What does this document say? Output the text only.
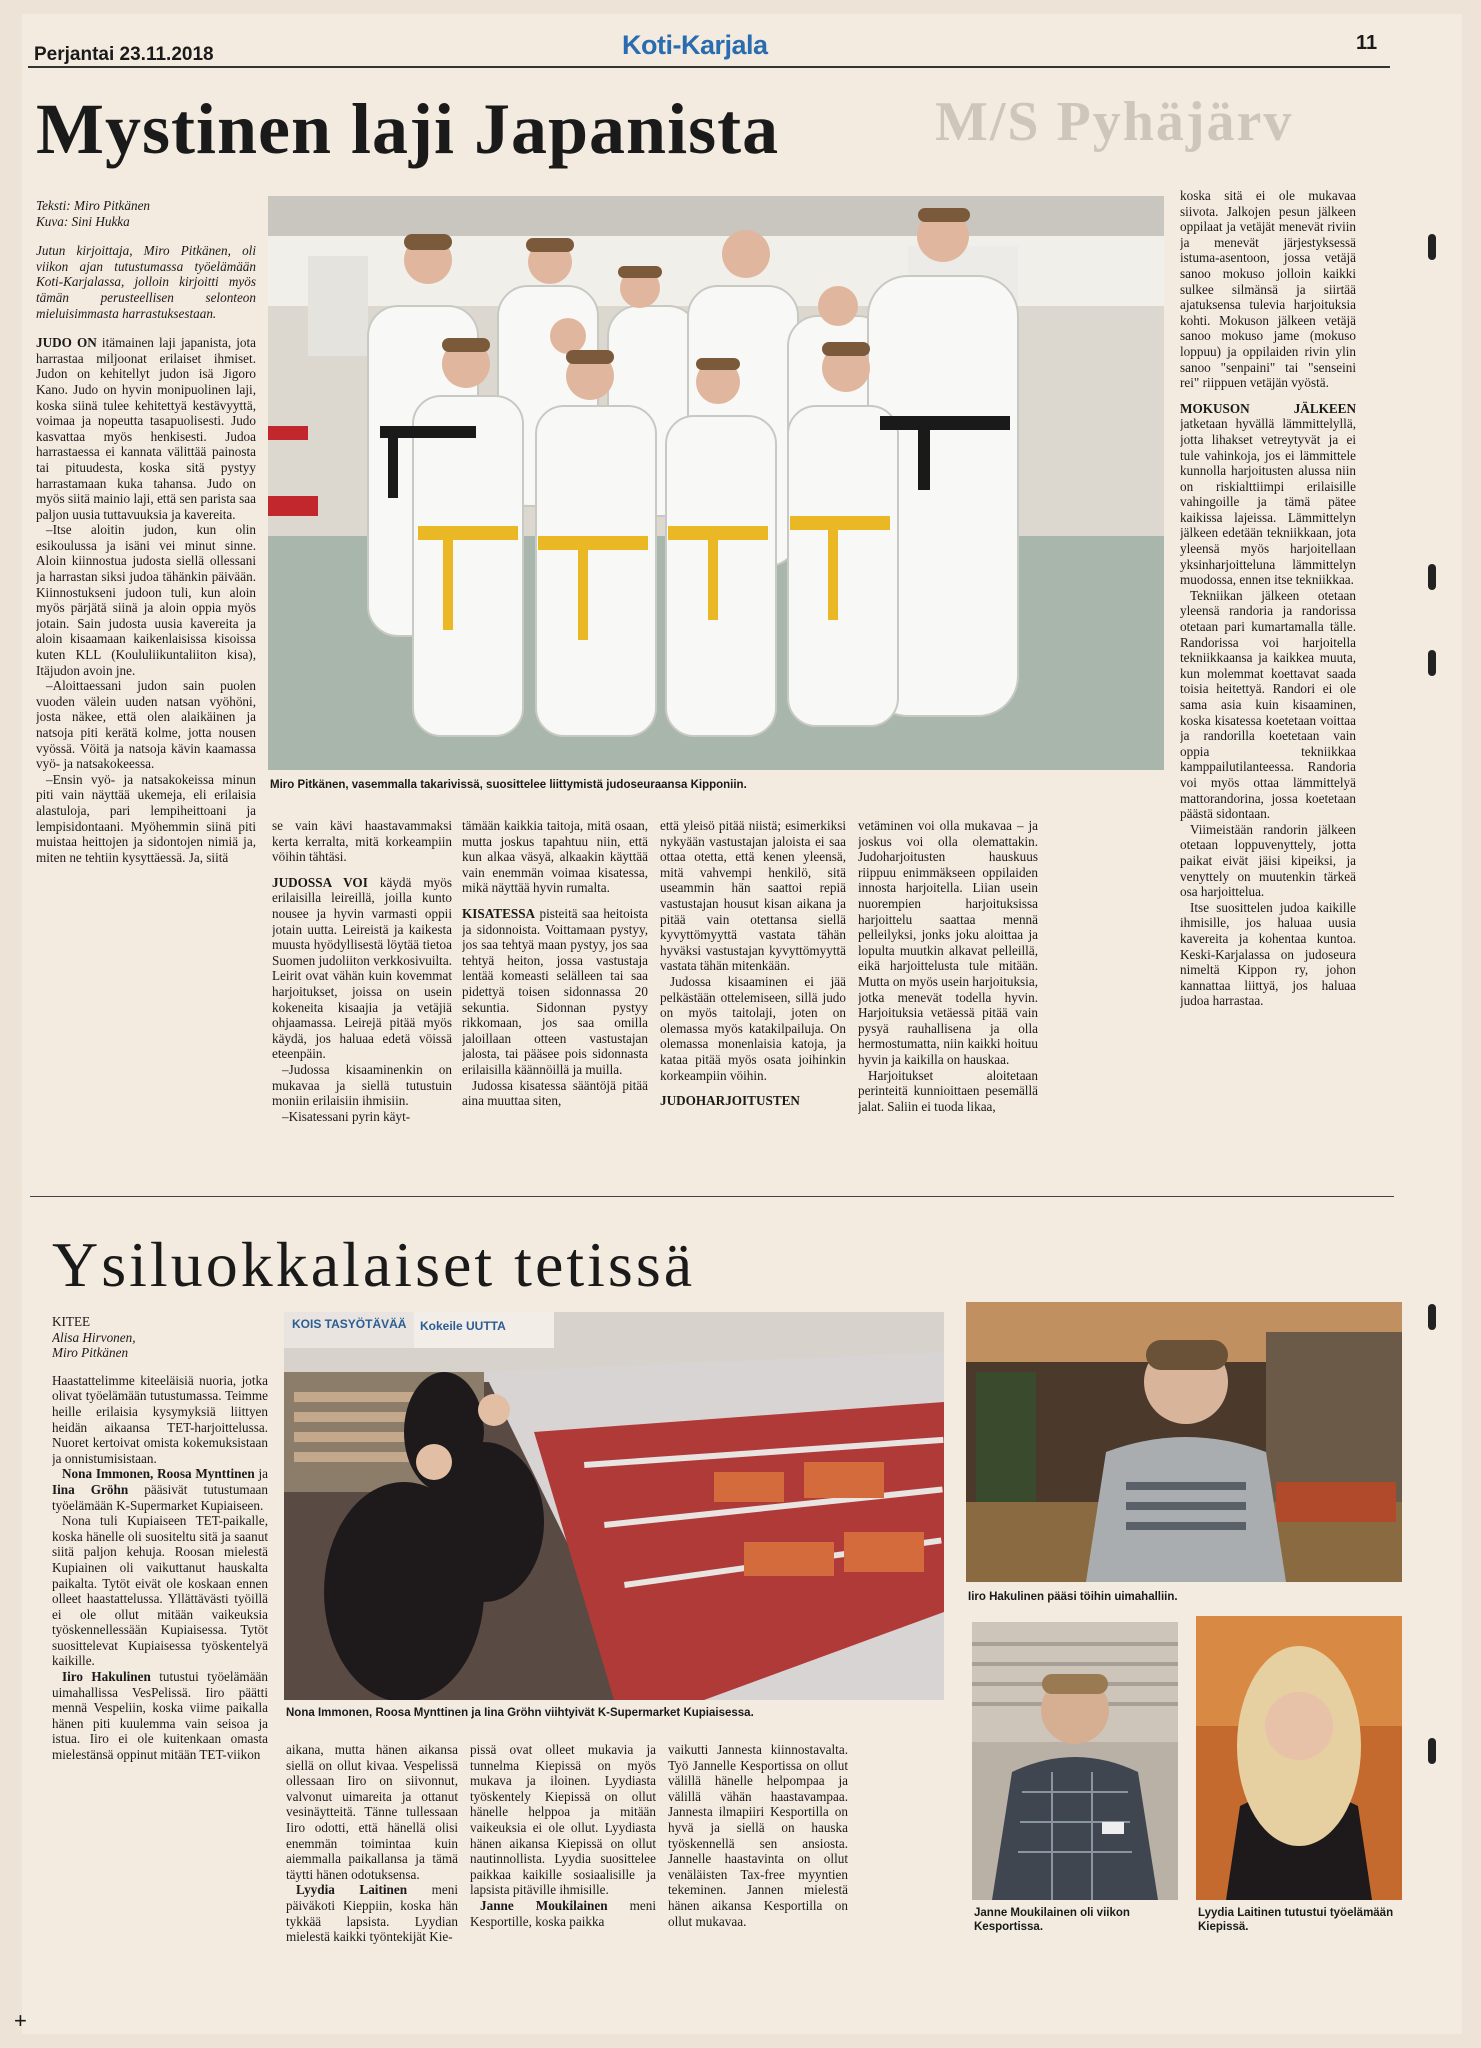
Perjantai 23.11.2018	Koti-Karjala	11
M/S Pyhäjärv
Mystinen laji Japanista
Teksti: Miro Pitkänen
Kuva: Sini Hukka

Jutun kirjoittaja, Miro Pitkänen, oli viikon ajan tutustumassa työelämään Koti-Karjalassa, jolloin kirjoitti myös tämän perusteellisen selonteon mieluisimmasta harrastuksestaan.

JUDO ON itämainen laji japanista, jota harrastaa miljoonat erilaiset ihmiset. Judon on kehitellyt judon isä Jigoro Kano. Judo on hyvin monipuolinen laji, koska siinä tulee kehitettyä kestävyyttä, voimaa ja nopeutta tasapuolisesti. Judo kasvattaa myös henkisesti. Judoa harrastaessa ei kannata välittää painosta tai pituudesta, koska sitä pystyy harrastamaan kuka tahansa. Judo on myös siitä mainio laji, että sen parista saa paljon uusia tuttavuuksia ja kavereita.

–Itse aloitin judon, kun olin esikoulussa ja isäni vei minut sinne. Aloin kiinnostua judosta siellä ollessani ja harrastan siksi judoa tähänkin päivään. Kiinnostukseni judoon tuli, kun aloin myös pärjätä siinä ja aloin oppia myös jotain. Sain judosta uusia kavereita ja aloin kisaamaan kaikenlaisissa kisoissa kuten KLL (Koululiikuntaliiton kisa), Itäjudon avoin jne.

–Aloittaessani judon sain puolen vuoden välein uuden natsan vyöhöni, josta näkee, että olen alaikäinen ja natsoja piti kerätä kolme, jotta nousen vyössä. Vöitä ja natsoja kävin kaamassa vyö- ja natsakokeessa.

–Ensin vyö- ja natsakokeissa minun piti vain näyttää ukemeja, eli erilaisia alastuloja, pari lempiheittoani ja lempisidontaani. Myöhemmin siinä piti muistaa heittojen ja sidontojen nimiä ja, miten ne tehtiin kysyttäessä. Ja, siitä

Miro Pitkänen, vasemmalla takarivissä, suosittelee liittymistä judoseuraansa Kipponiin.

koska sitä ei ole mukavaa siivota. Jalkojen pesun jälkeen oppilaat ja vetäjät menevät riviin ja menevät järjestyksessä istuma-asentoon, jossa vetäjä sanoo mokuso jolloin kaikki sulkee silmänsä ja siirtää ajatuksensa tulevia harjoituksia kohti. Mokuson jälkeen vetäjä sanoo mokuso jame (mokuso loppuu) ja oppilaiden rivin ylin sanoo "senpaini" tai "senseini rei" riippuen vetäjän vyöstä.

MOKUSON JÄLKEEN jatketaan hyvällä lämmittelyllä, jotta lihakset vetreytyvät ja ei tule vahinkoja, jos ei lämmittele kunnolla harjoitusten alussa niin on riskialttiimpi erilaisille vahingoille ja tämä pätee kaikissa lajeissa. Lämmittelyn jälkeen edetään tekniikkaan, jota yleensä myös harjoitellaan yksinharjoitteluna lämmittelyn muodossa, ennen itse tekniikkaa.

Tekniikan jälkeen otetaan yleensä randoria ja randorissa otetaan pari kumartamalla tälle. Randorissa voi harjoitella tekniikkaansa ja kaikkea muuta, kun molemmat koettavat saada toisia heitettyä. Randori ei ole sama asia kuin kisaaminen, koska kisatessa koetetaan voittaa ja randorilla koetetaan vain oppia tekniikkaa kamppailutilanteessa. Randoria voi myös ottaa lämmittelyä mattorandorina, jossa koetetaan päästä sidontaan.

Viimeistään randorin jälkeen otetaan loppuvenyttely, jotta paikat eivät jäisi kipeiksi, ja venyttely on muutenkin tärkeä osa harjoittelua.

Itse suosittelen judoa kaikille ihmisille, jos haluaa uusia kavereita ja kohentaa kuntoa. Keski-Karjalassa on judoseura nimeltä Kippon ry, johon kannattaa liittyä, jos haluaa judoa harrastaa.

se vain kävi haastavammaksi kerta kerralta, mitä korkeampiin vöihin tähtäsi.

JUDOSSA VOI käydä myös erilaisilla leireillä, joilla kunto nousee ja hyvin varmasti oppii jotain uutta. Leireistä ja kaikesta muusta hyödyllisestä löytää tietoa Suomen judoliiton verkkosivuilta. Leirit ovat vähän kuin kovemmat harjoitukset, joissa on usein kokeneita kisaajia ja vetäjiä ohjaamassa. Leirejä pitää myös käydä, jos haluaa edetä vöissä eteenpäin.

–Judossa kisaaminenkin on mukavaa ja siellä tutustuin moniin erilaisiin ihmisiin.

–Kisatessani pyrin käyt-

tämään kaikkia taitoja, mitä osaan, mutta joskus tapahtuu niin, että kun alkaa väsyä, alkaakin käyttää vain enemmän voimaa kisatessa, mikä näyttää hyvin rumalta.

KISATESSA pisteitä saa heitoista ja sidonnoista. Voittamaan pystyy, jos saa tehtyä maan pystyy, jos saa tehtyä heiton, jossa vastustaja lentää komeasti selälleen tai saa pidettyä toisen sidonnassa 20 sekuntia. Sidonnan pystyy rikkomaan, jos saa omilla jaloillaan otteen vastustajan jalosta, tai pääsee pois sidonnasta erilaisilla käännöillä ja muilla.

Judossa kisatessa sääntöjä pitää aina muuttaa siten,

että yleisö pitää niistä; esimerkiksi nykyään vastustajan jaloista ei saa ottaa otetta, että kenen yleensä, mitä vahvempi henkilö, sitä useammin hän saattoi repiä vastustajan housut kisan aikana ja pitää vain otettansa siellä kyvyttömyyttä vastata tähän hyväksi vastustajan kyvyttömyyttä vastata tähän mitenkään.

Judossa kisaaminen ei jää pelkästään ottelemiseen, sillä judo on myös taitolaji, joten on olemassa myös katakilpailuja. On olemassa monenlaisia katoja, ja kataa pitää myös osata joihinkin korkeampiin vöihin.

JUDOHARJOITUSTEN

vetäminen voi olla mukavaa – ja joskus voi olla olemattakin. Judoharjoitusten hauskuus riippuu enimmäkseen oppilaiden innosta harjoitella. Liian usein nuorempien harjoituksissa harjoittelu saattaa mennä pelleilyksi, jonks joku aloittaa ja lopulta muutkin alkavat pelleillä, eikä harjoittelusta tule mitään. Mutta on myös usein harjoituksia, jotka menevät todella hyvin. Harjoituksia vetäessä pitää vain pysyä rauhallisena ja olla hermostumatta, niin kaikki hoituu hyvin ja kaikilla on hauskaa.

Harjoitukset aloitetaan perinteitä kunnioittaen pesemällä jalat. Saliin ei tuoda likaa,

Ysiluokkalaiset tetissä
KITEE
Alisa Hirvonen,
Miro Pitkänen

Haastattelimme kiteeläisiä nuoria, jotka olivat työelämään tutustumassa. Teimme heille erilaisia kysymyksiä liittyen heidän aikaansa TET-harjoittelussa. Nuoret kertoivat omista kokemuksistaan ja onnistumisistaan.

Nona Immonen, Roosa Mynttinen ja Iina Gröhn pääsivät tutustumaan työelämään K-Supermarket Kupiaiseen.

Nona tuli Kupiaiseen TET-paikalle, koska hänelle oli suositeltu sitä ja saanut siitä paljon kehuja. Roosan mielestä Kupiainen oli vaikuttanut hauskalta paikalta. Tytöt eivät ole koskaan ennen olleet haastattelussa. Yllättävästi työillä ei ole ollut mitään vaikeuksia työskennellessään Kupiaisessa. Tytöt suosittelevat Kupiaisessa työskentelyä kaikille.

Iiro Hakulinen tutustui työelämään uimahallissa VesPelissä. Iiro päätti mennä Vespeliin, koska viime paikalla hänen piti kuulemma vain seisoa ja istua. Iiro ei ole kuitenkaan omasta mielestänsä oppinut mitään TET-viikon

KOIS TASYÖTÄVÄÄ Kokeile UUTTA
Nona Immonen, Roosa Mynttinen ja Iina Gröhn viihtyivät K-Supermarket Kupiaisessa.
Iiro Hakulinen pääsi töihin uimahalliin.

aikana, mutta hänen aikansa siellä on ollut kivaa. Vespelissä ollessaan Iiro on siivonnut, valvonut uimareita ja ottanut vesinäytteitä. Tänne tullessaan Iiro odotti, että hänellä olisi enemmän toimintaa kuin aiemmalla paikallansa ja tämä täytti hänen odotuksensa.

Lyydia Laitinen meni päiväkoti Kieppiin, koska hän tykkää lapsista. Lyydian mielestä kaikki työntekijät Kie-

pissä ovat olleet mukavia ja tunnelma Kiepissä on myös mukava ja iloinen. Lyydiasta työskentely Kiepissä on ollut hänelle helppoa ja mitään vaikeuksia ei ole ollut. Lyydiasta hänen aikansa Kiepissä on ollut nautinnollista. Lyydia suosittelee paikkaa kaikille sosiaalisille ja lapsista pitäville ihmisille.

Janne Moukilainen meni Kesportille, koska paikka

vaikutti Jannesta kiinnostavalta. Työ Jannelle Kesportissa on ollut välillä hänelle helpompaa ja välillä vähän haastavampaa. Jannesta ilmapiiri Kesportilla on hyvä ja siellä on hauska työskennellä sen ansiosta. Jannelle haastavinta on ollut venäläisten Tax-free myyntien tekeminen. Jannen mielestä hänen aikansa Kesportilla on ollut mukavaa.

Janne Moukilainen oli viikon Kesportissa.
Lyydia Laitinen tutustui työelämään Kiepissä.
+
